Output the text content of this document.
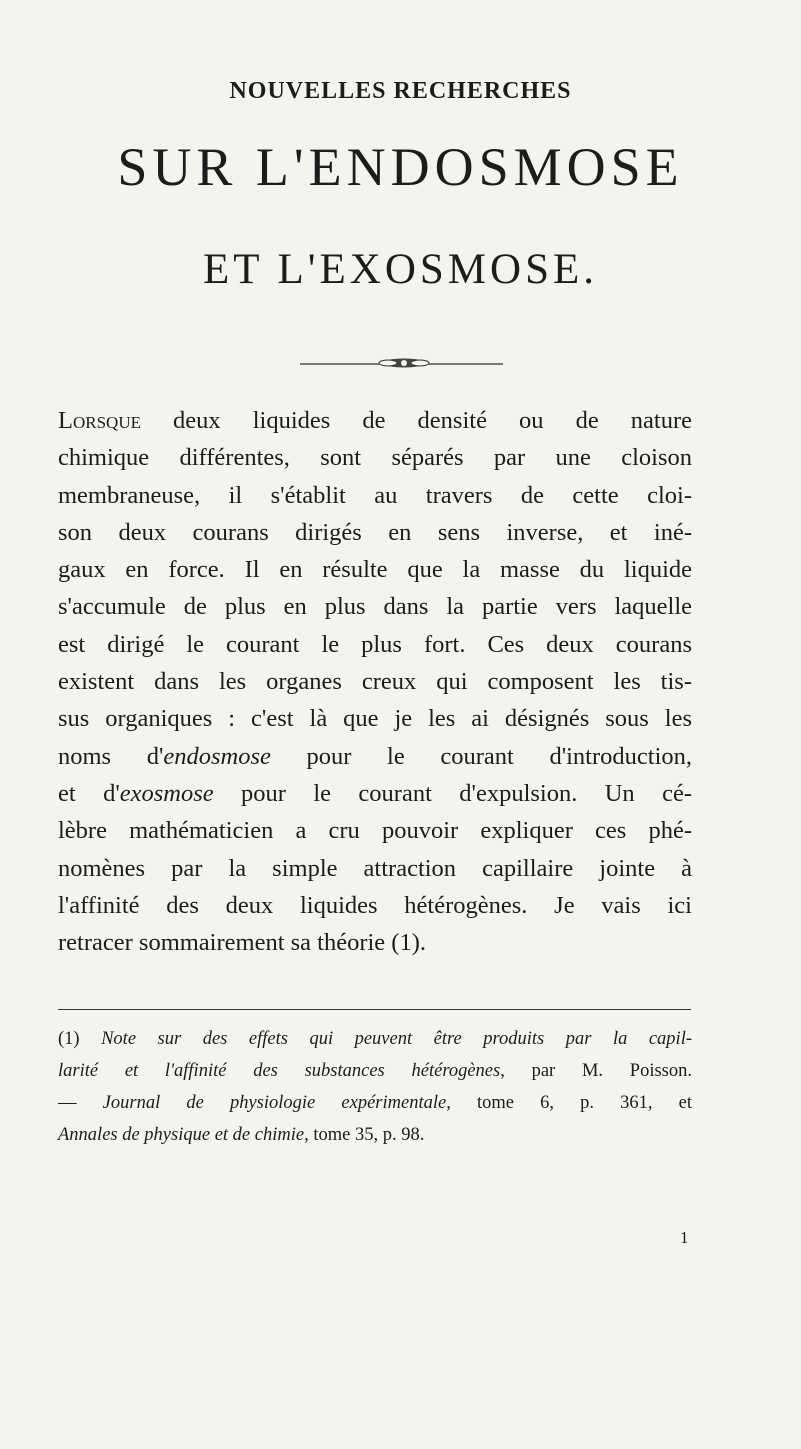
NOUVELLES RECHERCHES
SUR L'ENDOSMOSE
ET L'EXOSMOSE.
Lorsque deux liquides de densité ou de nature
chimique différentes, sont séparés par une cloison
membraneuse, il s'établit au travers de cette cloi-
son deux courans dirigés en sens inverse, et iné-
gaux en force. Il en résulte que la masse du liquide
s'accumule de plus en plus dans la partie vers laquelle
est dirigé le courant le plus fort. Ces deux courans
existent dans les organes creux qui composent les tis-
sus organiques : c'est là que je les ai désignés sous les
noms d'endosmose pour le courant d'introduction,
et d'exosmose pour le courant d'expulsion. Un cé-
lèbre mathématicien a cru pouvoir expliquer ces phé-
nomènes par la simple attraction capillaire jointe à
l'affinité des deux liquides hétérogènes. Je vais ici
retracer sommairement sa théorie (1).
(1) Note sur des effets qui peuvent être produits par la capil-
larité et l'affinité des substances hétérogènes, par M. Poisson.
— Journal de physiologie expérimentale, tome 6, p. 361, et
Annales de physique et de chimie, tome 35, p. 98.
1
